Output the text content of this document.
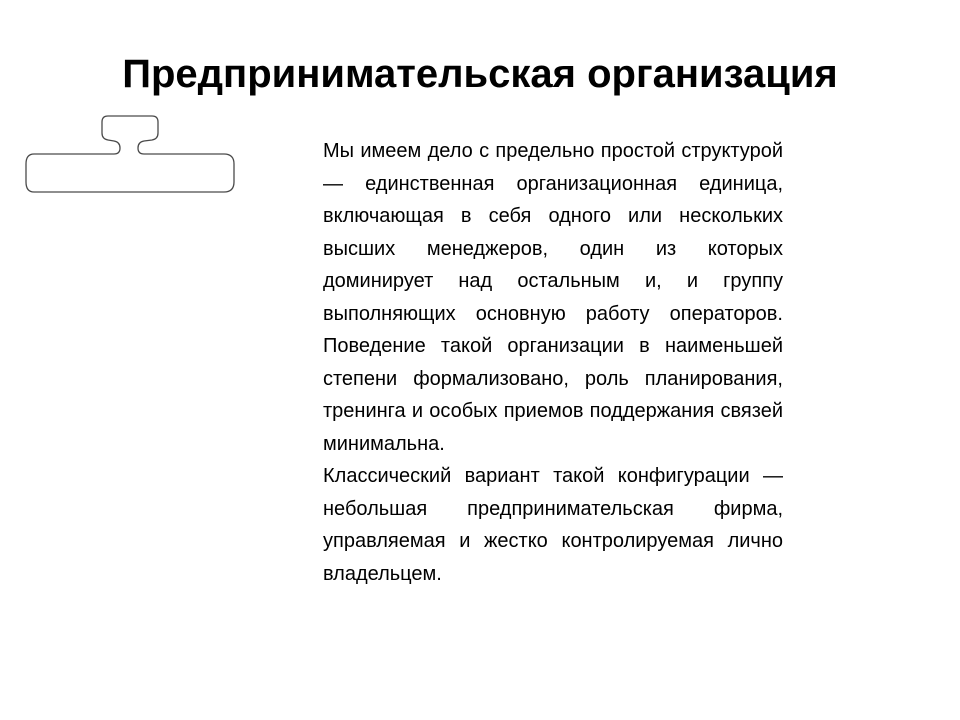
Предпринимательская организация

Мы имеем дело с предельно простой структурой — единственная организационная единица, включающая в себя одного или нескольких высших менеджеров, один из которых доминирует над остальным и, и группу выполняющих основную работу операторов. Поведение такой организации в наименьшей степени формализовано, роль планирования, тренинга и особых приемов поддержания связей минимальна.

Классический вариант такой конфигурации — небольшая предпринимательская фирма, управляемая и жестко контролируемая лично владельцем.
